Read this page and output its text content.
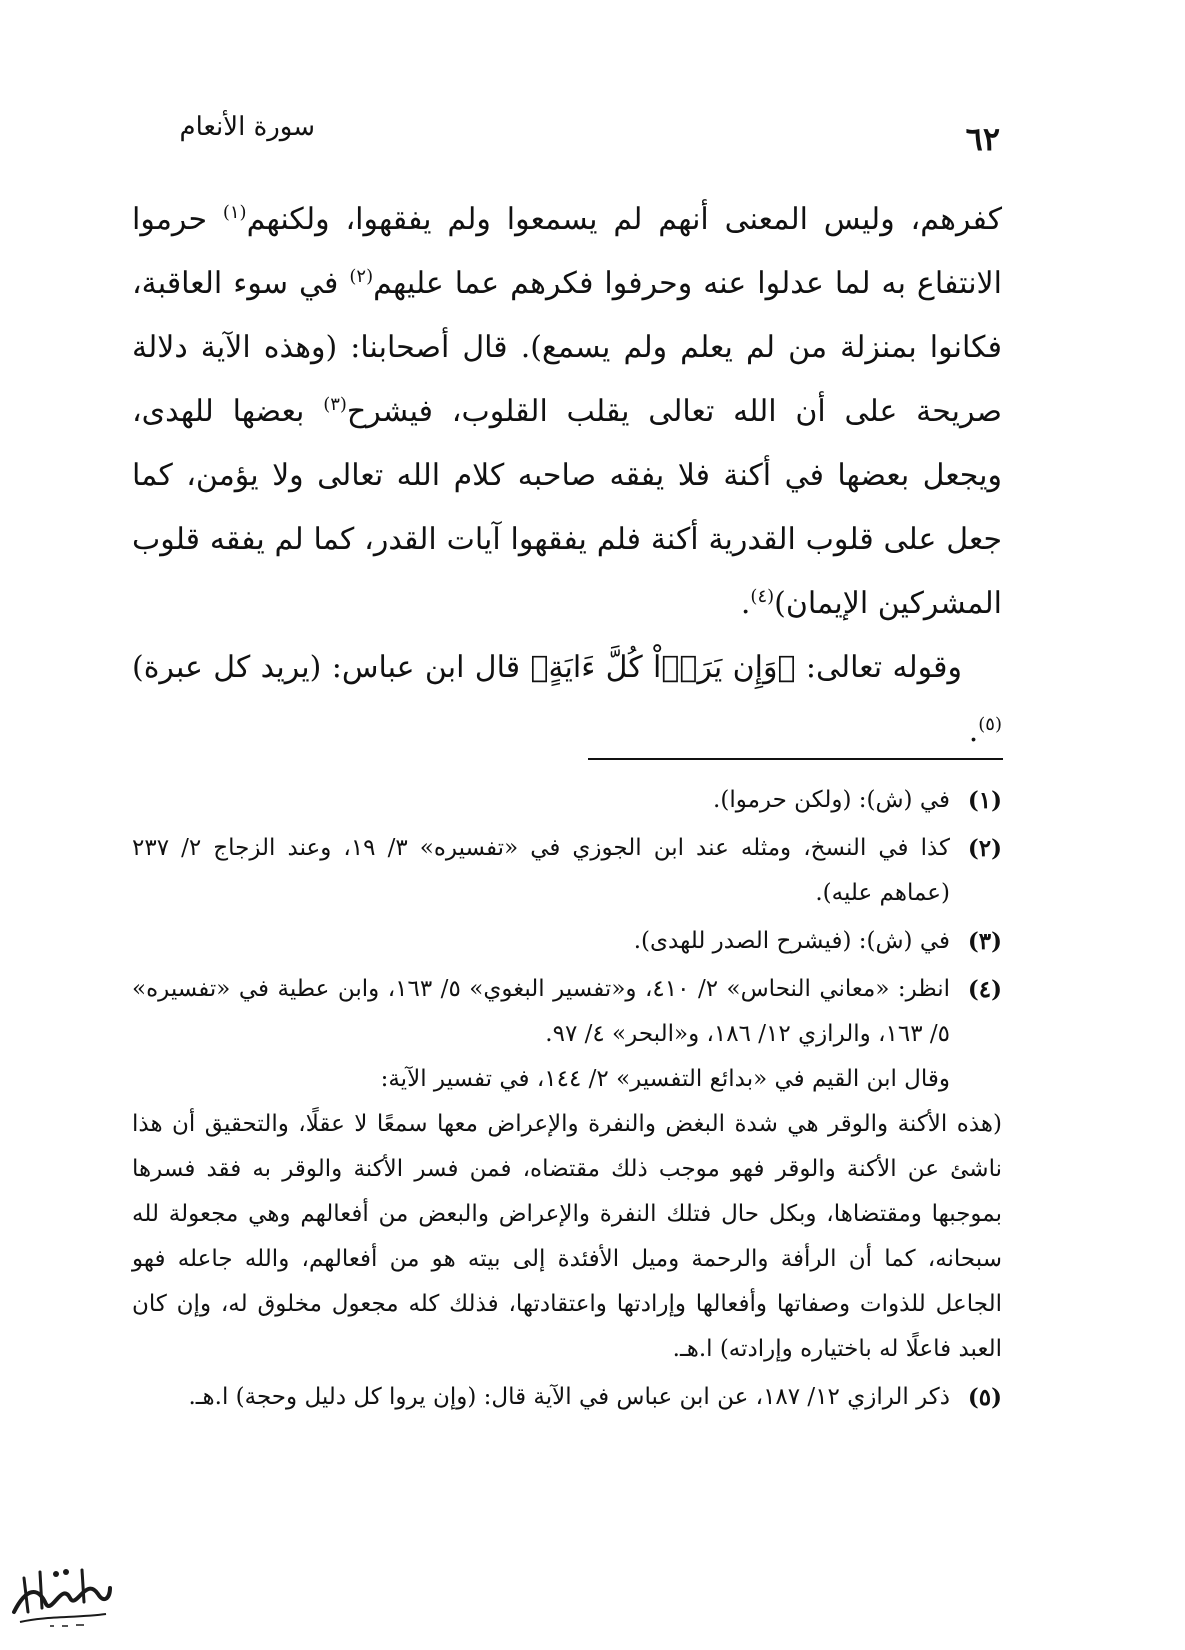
سورة الأنعام	٦٢

كفرهم، وليس المعنى أنهم لم يسمعوا ولم يفقهوا، ولكنهم$^{(١)}$ حرموا الانتفاع به لما عدلوا عنه وحرفوا فكرهم عما عليهم$^{(٢)}$ في سوء العاقبة، فكانوا بمنزلة من لم يعلم ولم يسمع). قال أصحابنا: (وهذه الآية دلالة صريحة على أن الله تعالى يقلب القلوب، فيشرح$^{(٣)}$ بعضها للهدى، ويجعل بعضها في أكنة فلا يفقه صاحبه كلام الله تعالى ولا يؤمن، كما جعل على قلوب القدرية أكنة فلم يفقهوا آيات القدر، كما لم يفقه قلوب المشركين الإيمان)$^{(٤)}$.

وقوله تعالى: ﴿وَإِن يَرَوۡاْ كُلَّ ءَايَةٍ﴾ قال ابن عباس: (يريد كل عبرة)$^{(٥)}$.

(١)
في (ش): (ولكن حرموا).
(٢)
كذا في النسخ، ومثله عند ابن الجوزي في «تفسيره» ٣/ ١٩، وعند الزجاج ٢/ ٢٣٧ (عماهم عليه).
(٣)
في (ش): (فيشرح الصدر للهدى).
(٤)
انظر: «معاني النحاس» ٢/ ٤١٠، و«تفسير البغوي» ٥/ ١٦٣، وابن عطية في «تفسيره» ٥/ ١٦٣، والرازي ١٢/ ١٨٦، و«البحر» ٤/ ٩٧.
وقال ابن القيم في «بدائع التفسير» ٢/ ١٤٤، في تفسير الآية:
(هذه الأكنة والوقر هي شدة البغض والنفرة والإعراض معها سمعًا لا عقلًا، والتحقيق أن هذا ناشئ عن الأكنة والوقر فهو موجب ذلك مقتضاه، فمن فسر الأكنة والوقر به فقد فسرها بموجبها ومقتضاها، وبكل حال فتلك النفرة والإعراض والبعض من أفعالهم وهي مجعولة لله سبحانه، كما أن الرأفة والرحمة وميل الأفئدة إلى بيته هو من أفعالهم، والله جاعله فهو الجاعل للذوات وصفاتها وأفعالها وإرادتها واعتقادتها، فذلك كله مجعول مخلوق له، وإن كان العبد فاعلًا له باختياره وإرادته) ا.هـ.
(٥)
ذكر الرازي ١٢/ ١٨٧، عن ابن عباس في الآية قال: (وإن يروا كل دليل وحجة) ا.هـ.
